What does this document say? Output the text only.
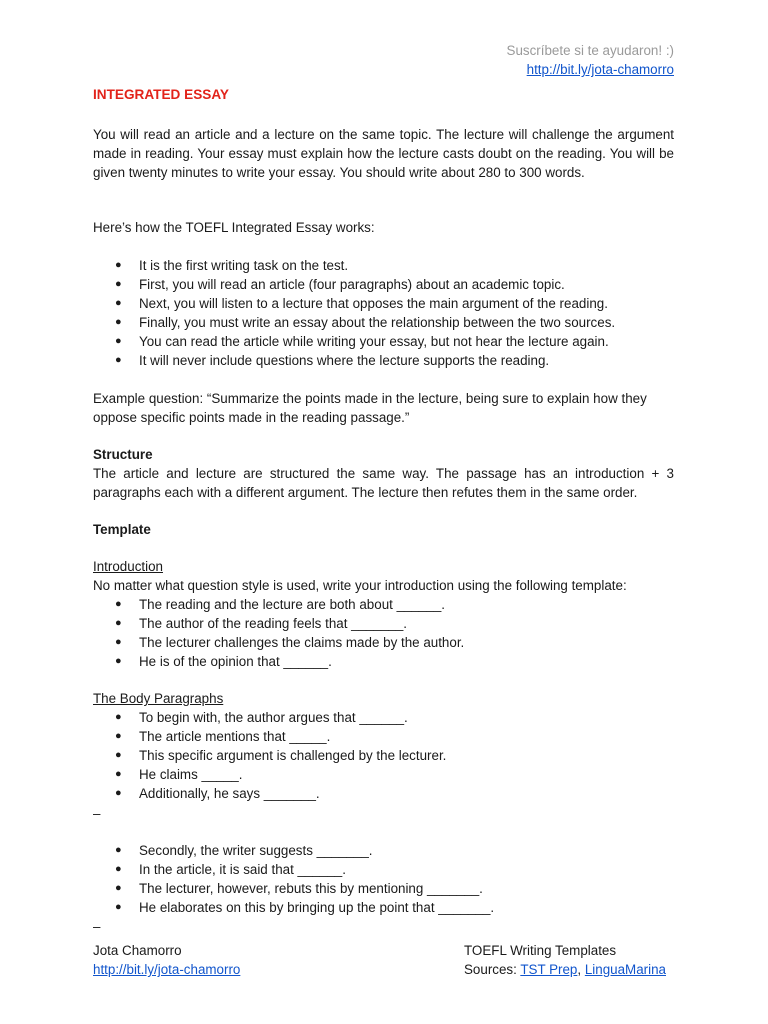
Suscríbete si te ayudaron! :)
http://bit.ly/jota-chamorro
INTEGRATED ESSAY
You will read an article and a lecture on the same topic. The lecture will challenge the argument made in reading. Your essay must explain how the lecture casts doubt on the reading. You will be given twenty minutes to write your essay. You should write about 280 to 300 words.
Here’s how the TOEFL Integrated Essay works:
● It is the first writing task on the test.
● First, you will read an article (four paragraphs) about an academic topic.
● Next, you will listen to a lecture that opposes the main argument of the reading.
● Finally, you must write an essay about the relationship between the two sources.
● You can read the article while writing your essay, but not hear the lecture again.
● It will never include questions where the lecture supports the reading.
Example question: “Summarize the points made in the lecture, being sure to explain how they oppose specific points made in the reading passage.”
Structure
The article and lecture are structured the same way. The passage has an introduction + 3 paragraphs each with a different argument. The lecture then refutes them in the same order.
Template
Introduction
No matter what question style is used, write your introduction using the following template:
● The reading and the lecture are both about ______.
● The author of the reading feels that _______.
● The lecturer challenges the claims made by the author.
● He is of the opinion that ______.
The Body Paragraphs
● To begin with, the author argues that ______.
● The article mentions that _____.
● This specific argument is challenged by the lecturer.
● He claims _____.
● Additionally, he says _______.
–
● Secondly, the writer suggests _______.
● In the article, it is said that ______.
● The lecturer, however, rebuts this by mentioning _______.
● He elaborates on this by bringing up the point that _______.
–
Jota Chamorro
http://bit.ly/jota-chamorro
TOEFL Writing Templates
Sources: TST Prep, LinguaMarina
